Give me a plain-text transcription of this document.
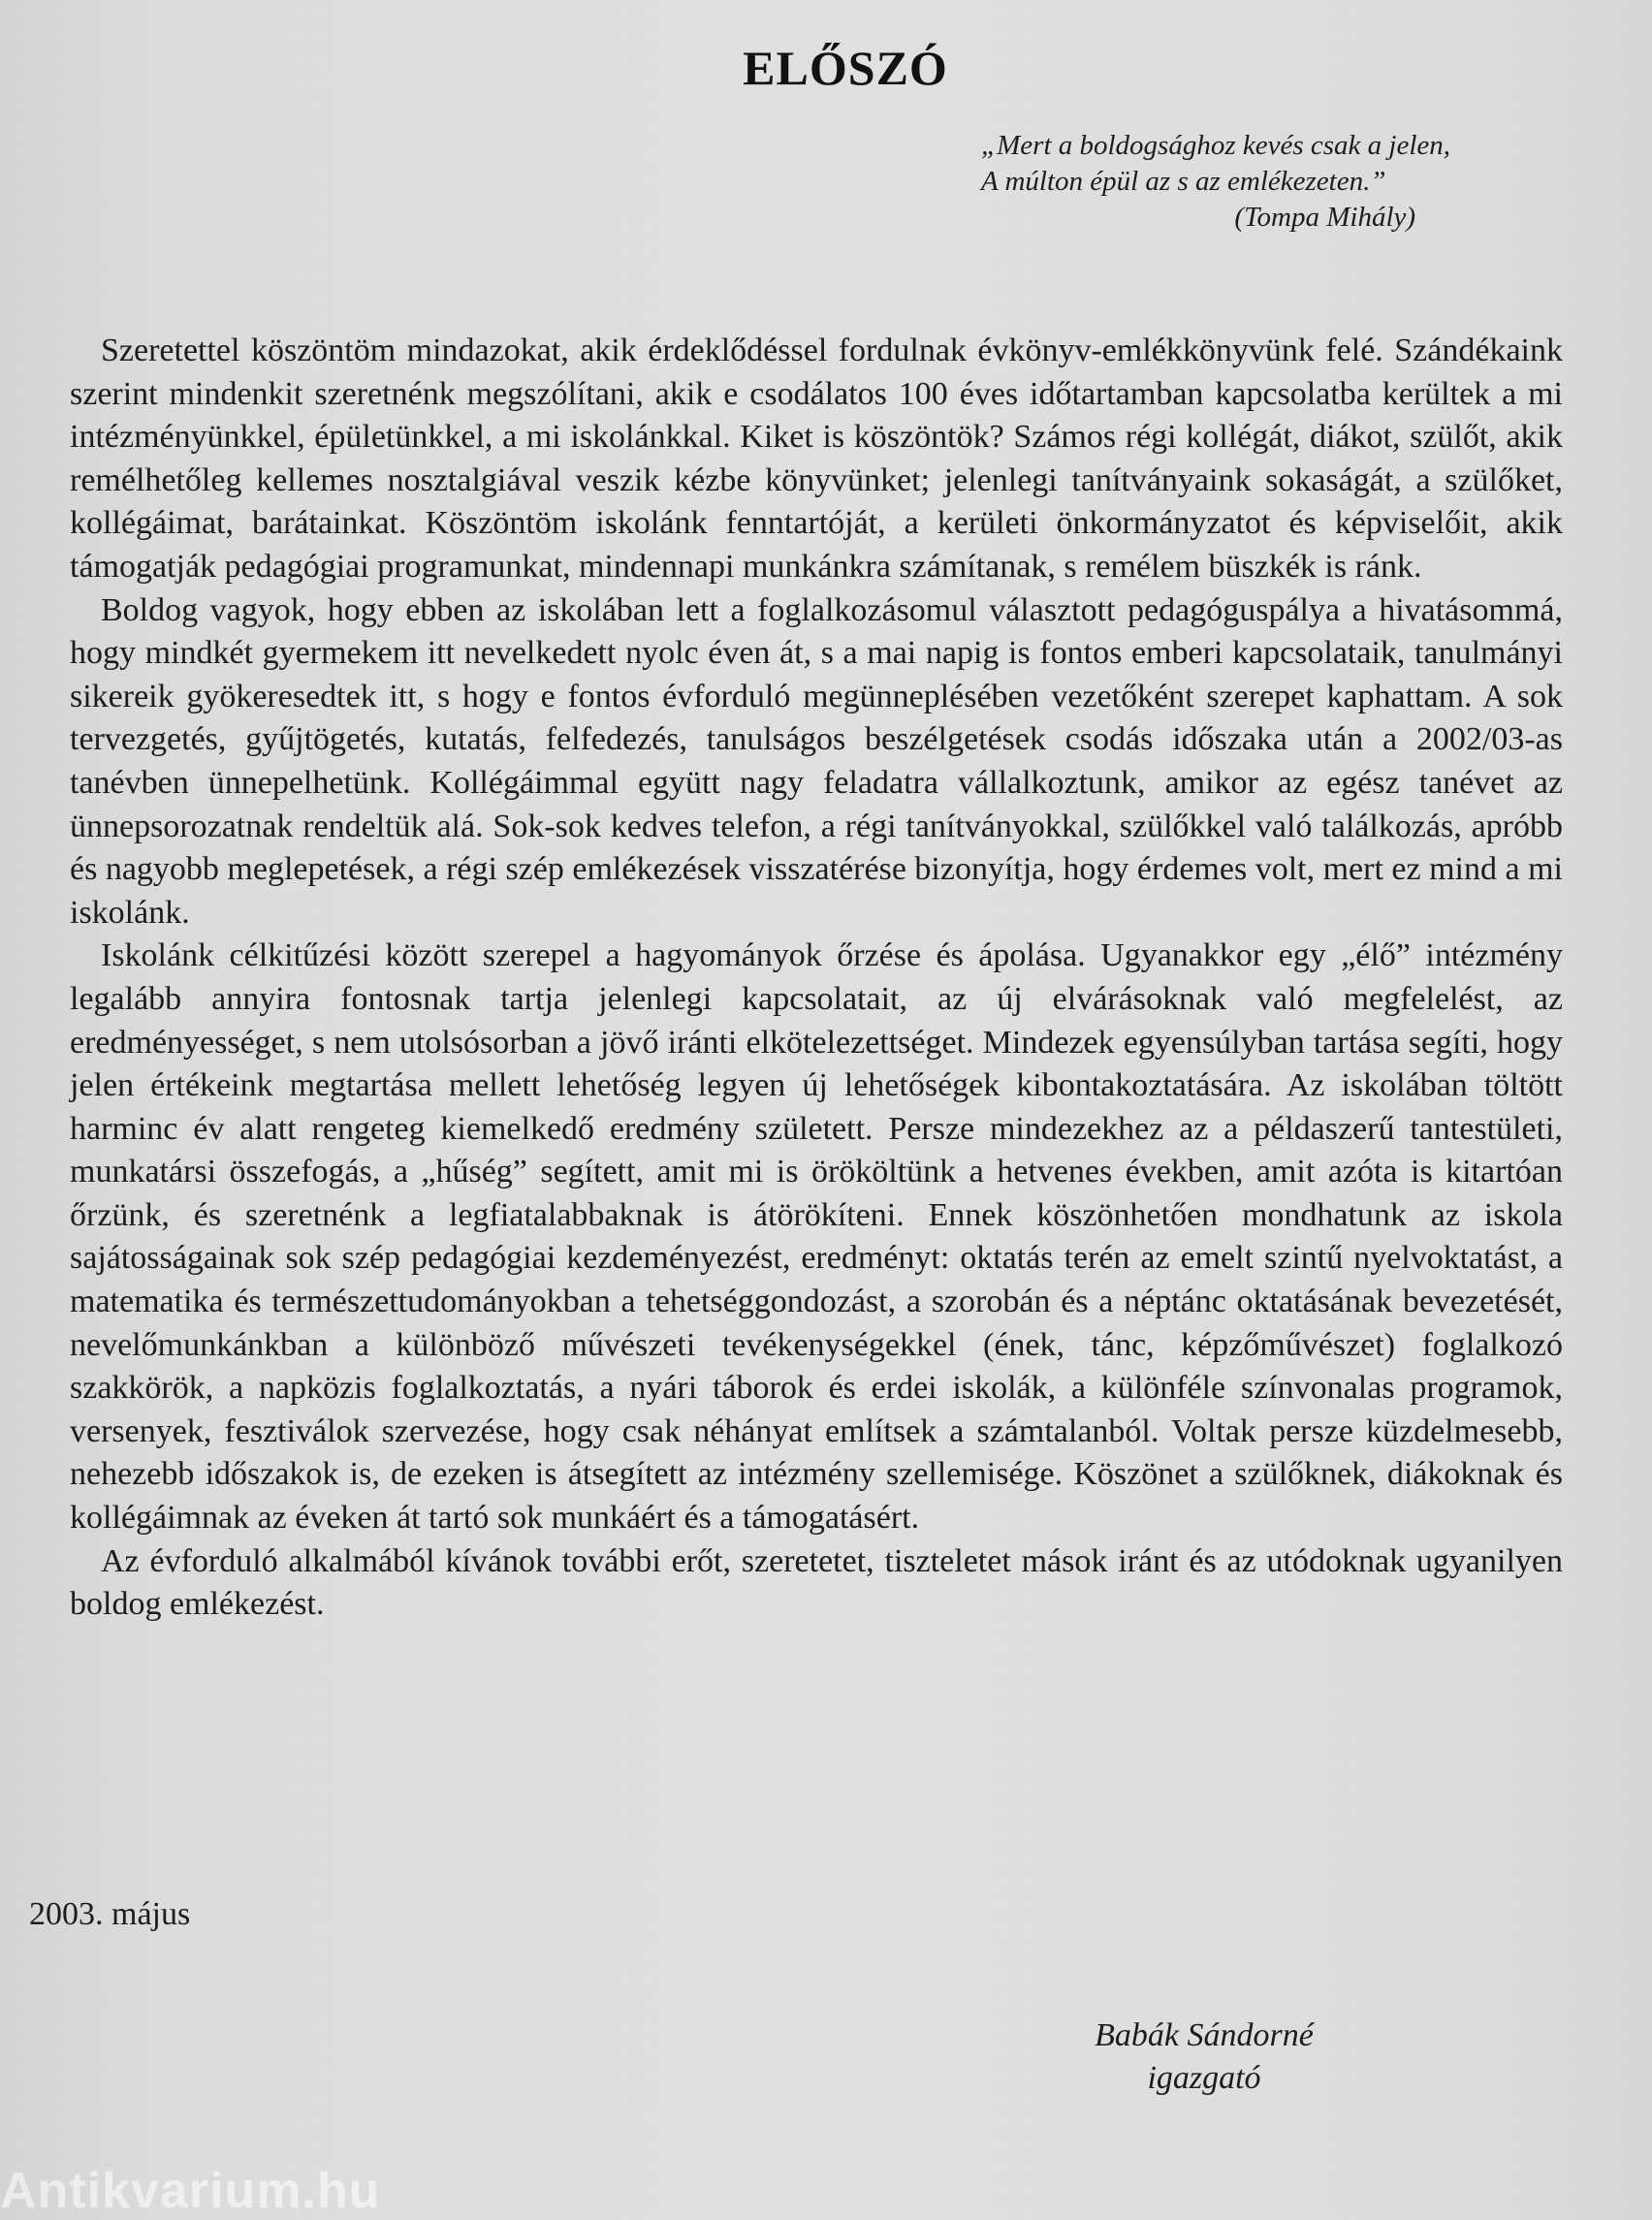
ELŐSZÓ
„Mert a boldogsághoz kevés csak a jelen,
A múlton épül az s az emlékezeten.”
(Tompa Mihály)

Szeretettel köszöntöm mindazokat, akik érdeklődéssel fordulnak évkönyv-emlékkönyvünk felé. Szándékaink szerint mindenkit szeretnénk megszólítani, akik e csodálatos 100 éves időtartamban kapcsolatba kerültek a mi intézményünkkel, épületünkkel, a mi iskolánkkal. Kiket is köszöntök? Számos régi kollégát, diákot, szülőt, akik remélhetőleg kellemes nosztalgiával veszik kézbe könyvünket; jelenlegi tanítványaink sokaságát, a szülőket, kollégáimat, barátainkat. Köszöntöm iskolánk fenntartóját, a kerületi önkormányzatot és képviselőit, akik támogatják pedagógiai programunkat, mindennapi munkánkra számítanak, s remélem büszkék is ránk.

Boldog vagyok, hogy ebben az iskolában lett a foglalkozásomul választott pedagóguspálya a hivatásommá, hogy mindkét gyermekem itt nevelkedett nyolc éven át, s a mai napig is fontos emberi kapcsolataik, tanulmányi sikereik gyökeresedtek itt, s hogy e fontos évforduló megünneplésében vezetőként szerepet kaphattam. A sok tervezgetés, gyűjtögetés, kutatás, felfedezés, tanulságos beszélgetések csodás időszaka után a 2002/03-as tanévben ünnepelhetünk. Kollégáimmal együtt nagy feladatra vállalkoztunk, amikor az egész tanévet az ünnepsorozatnak rendeltük alá. Sok-sok kedves telefon, a régi tanítványokkal, szülőkkel való találkozás, apróbb és nagyobb meglepetések, a régi szép emlékezések visszatérése bizonyítja, hogy érdemes volt, mert ez mind a mi iskolánk.

Iskolánk célkitűzési között szerepel a hagyományok őrzése és ápolása. Ugyanakkor egy „élő” intézmény legalább annyira fontosnak tartja jelenlegi kapcsolatait, az új elvárásoknak való megfelelést, az eredményességet, s nem utolsósorban a jövő iránti elkötelezettséget. Mindezek egyensúlyban tartása segíti, hogy jelen értékeink megtartása mellett lehetőség legyen új lehetőségek kibontakoztatására. Az iskolában töltött harminc év alatt rengeteg kiemelkedő eredmény született. Persze mindezekhez az a példaszerű tantestületi, munkatársi összefogás, a „hűség” segített, amit mi is örököltünk a hetvenes években, amit azóta is kitartóan őrzünk, és szeretnénk a legfiatalabbaknak is átörökíteni. Ennek köszönhetően mondhatunk az iskola sajátosságainak sok szép pedagógiai kezdeményezést, eredményt: oktatás terén az emelt szintű nyelvoktatást, a matematika és természettudományokban a tehetséggondozást, a szorobán és a néptánc oktatásának bevezetését, nevelőmunkánkban a különböző művészeti tevékenységekkel (ének, tánc, képzőművészet) foglalkozó szakkörök, a napközis foglalkoztatás, a nyári táborok és erdei iskolák, a különféle színvonalas programok, versenyek, fesztiválok szervezése, hogy csak néhányat említsek a számtalanból. Voltak persze küzdelmesebb, nehezebb időszakok is, de ezeken is átsegített az intézmény szellemisége. Köszönet a szülőknek, diákoknak és kollégáimnak az éveken át tartó sok munkáért és a támogatásért.

Az évforduló alkalmából kívánok további erőt, szeretetet, tiszteletet mások iránt és az utódoknak ugyanilyen boldog emlékezést.

2003. május
Babák Sándorné
igazgató
Antikvarium.hu
